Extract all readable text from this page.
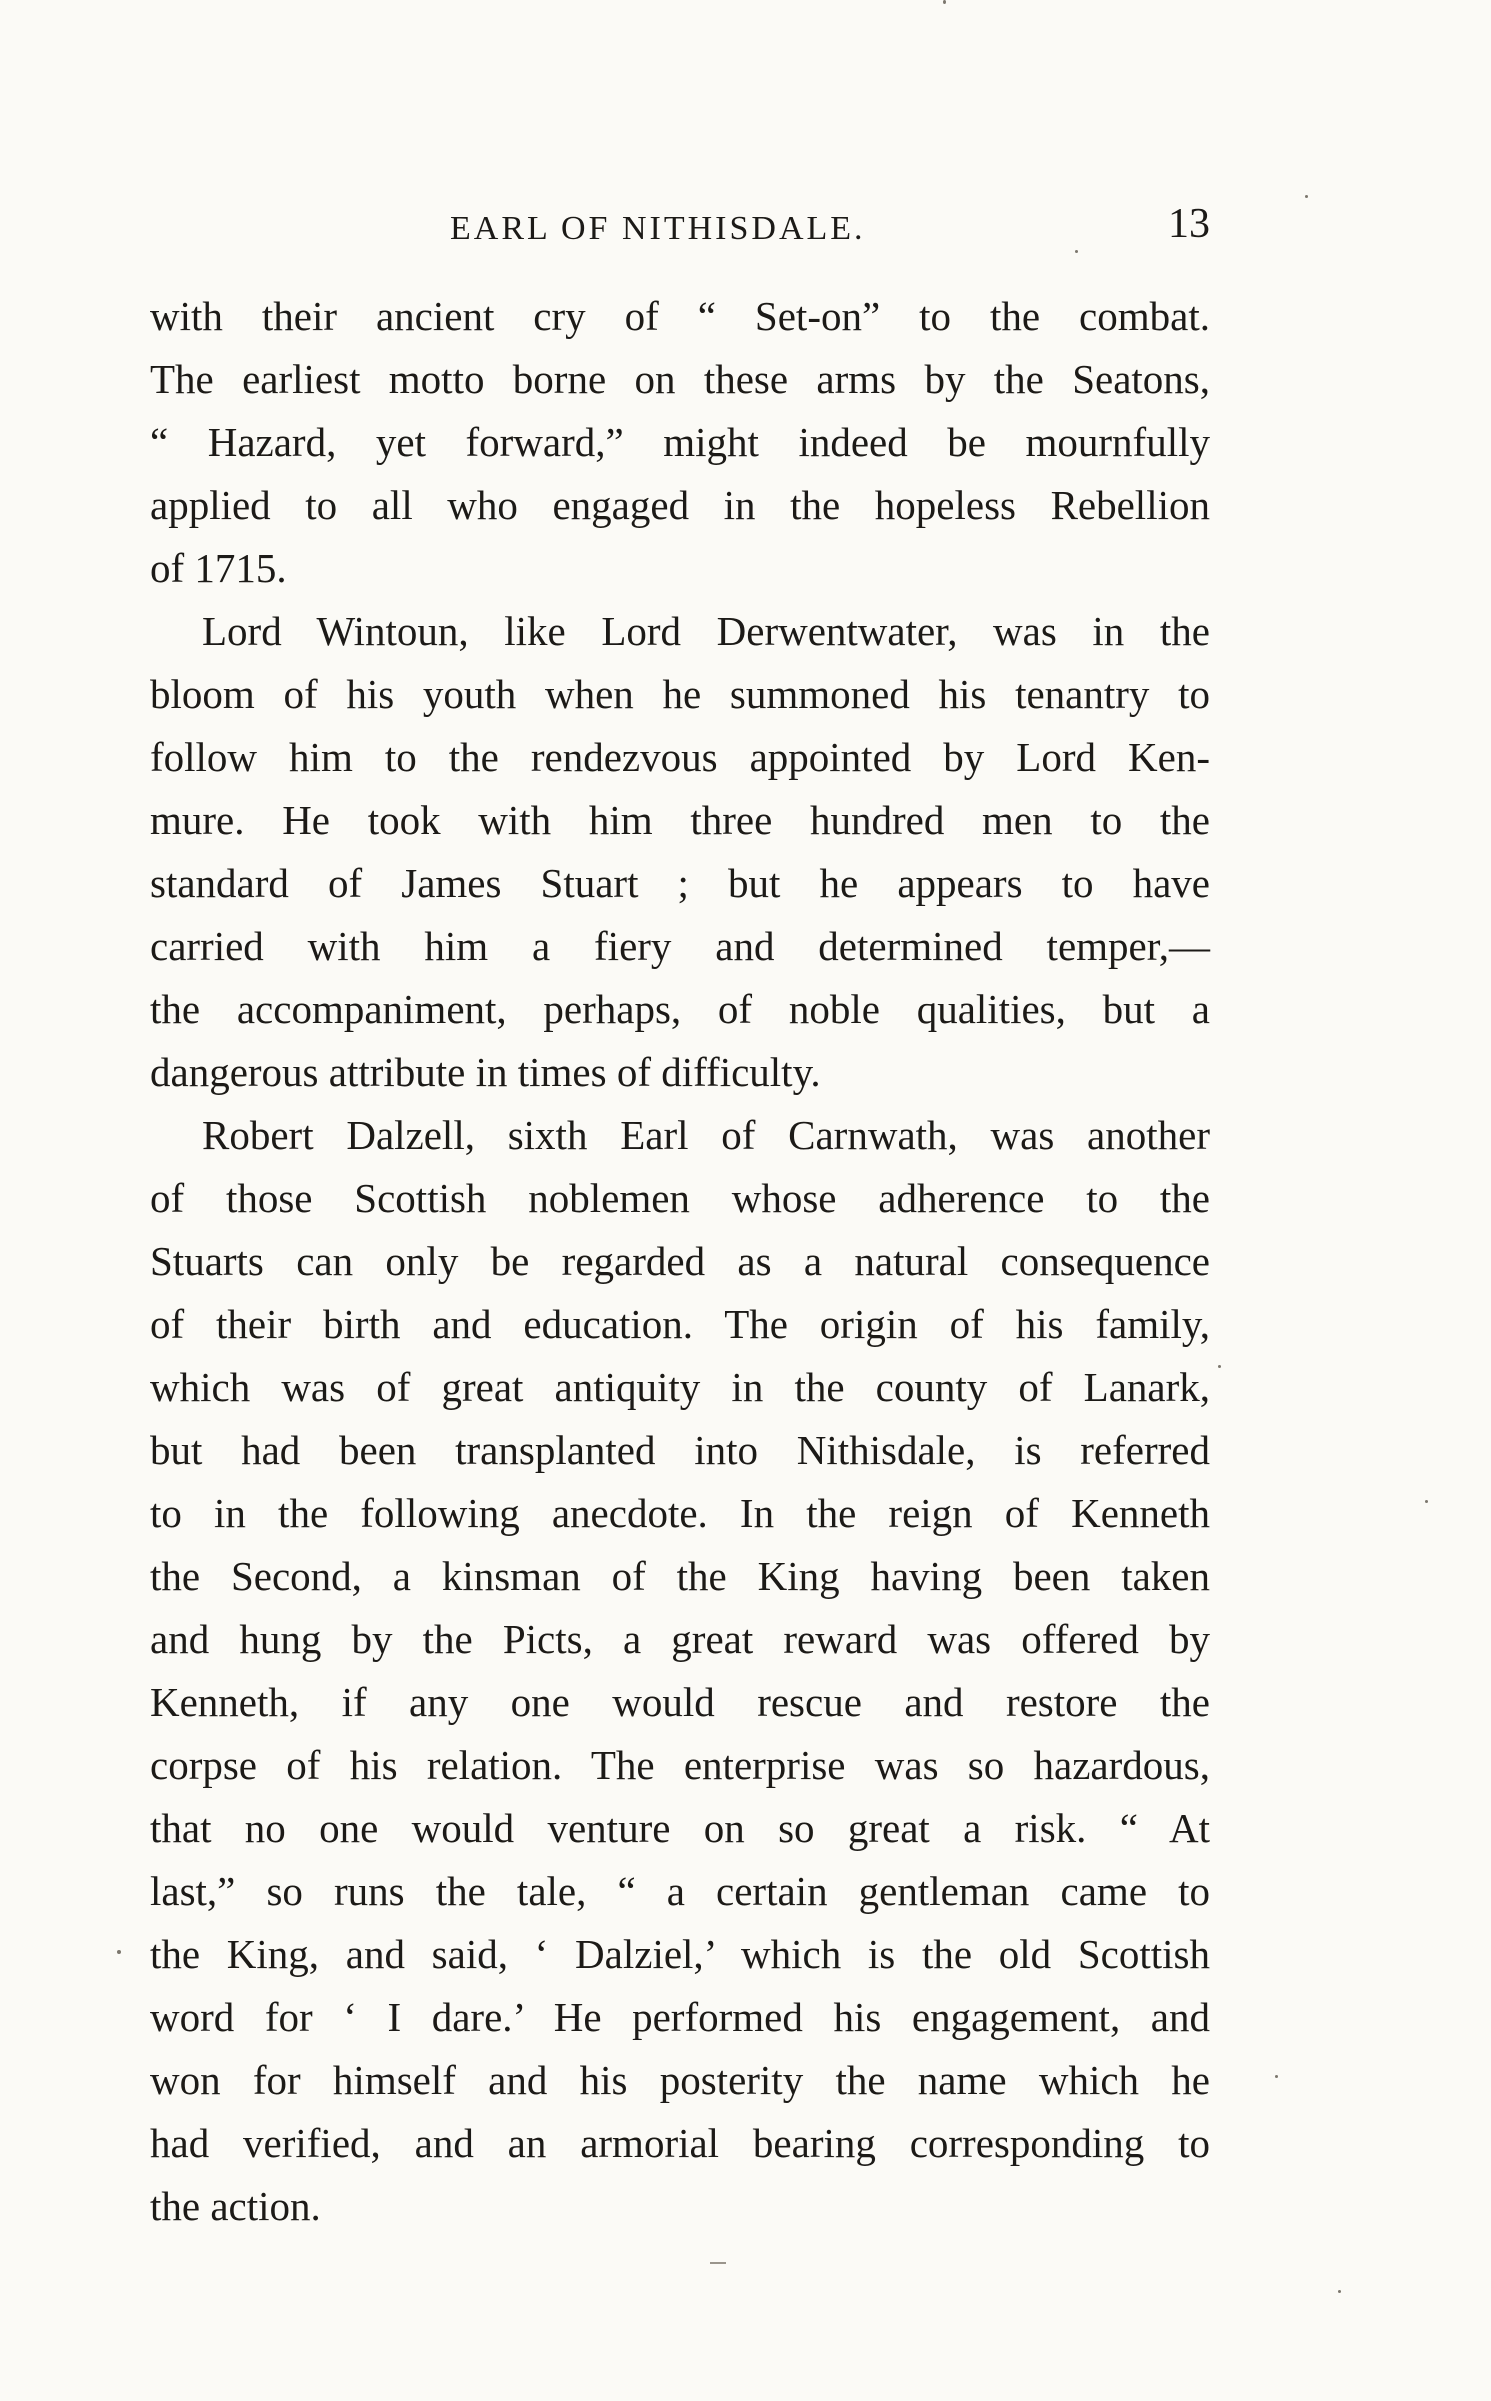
EARL OF NITHISDALE.	13
with their ancient cry of “ Set-on” to the combat.
The earliest motto borne on these arms by the Seatons,
“ Hazard, yet forward,” might indeed be mournfully
applied to all who engaged in the hopeless Rebellion
of 1715.
Lord Wintoun, like Lord Derwentwater, was in the
bloom of his youth when he summoned his tenantry to
follow him to the rendezvous appointed by Lord Ken-
mure. He took with him three hundred men to the
standard of James Stuart ; but he appears to have
carried with him a fiery and determined temper,—
the accompaniment, perhaps, of noble qualities, but a
dangerous attribute in times of difficulty.
Robert Dalzell, sixth Earl of Carnwath, was another
of those Scottish noblemen whose adherence to the
Stuarts can only be regarded as a natural consequence
of their birth and education. The origin of his family,
which was of great antiquity in the county of Lanark,
but had been transplanted into Nithisdale, is referred
to in the following anecdote. In the reign of Kenneth
the Second, a kinsman of the King having been taken
and hung by the Picts, a great reward was offered by
Kenneth, if any one would rescue and restore the
corpse of his relation. The enterprise was so hazardous,
that no one would venture on so great a risk. “ At
last,” so runs the tale, “ a certain gentleman came to
the King, and said, ‘ Dalziel,’ which is the old Scottish
word for ‘ I dare.’ He performed his engagement, and
won for himself and his posterity the name which he
had verified, and an armorial bearing corresponding to
the action.
